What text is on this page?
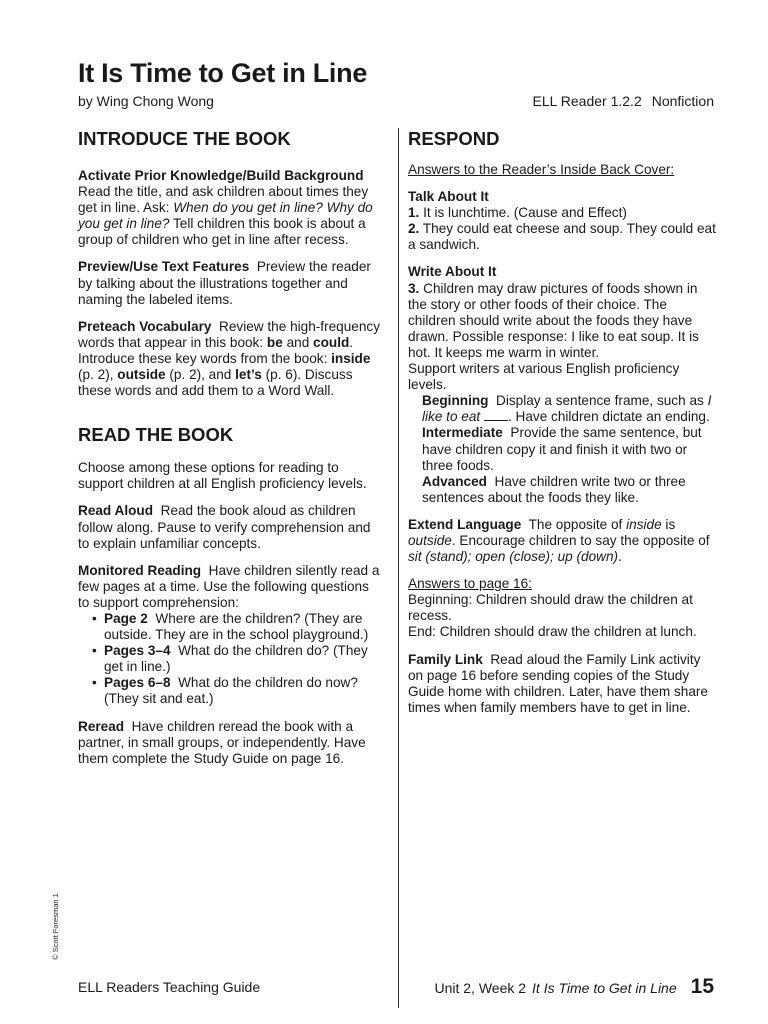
It Is Time to Get in Line
by Wing Chong Wong	ELL Reader 1.2.2 Nonfiction
INTRODUCE THE BOOK

Activate Prior Knowledge/Build Background  Read the title, and ask children about times they get in line. Ask: When do you get in line? Why do you get in line? Tell children this book is about a group of children who get in line after recess.

Preview/Use Text Features Preview the reader by talking about the illustrations together and naming the labeled items.

Preteach Vocabulary Review the high-frequency words that appear in this book: be and could. Introduce these key words from the book: inside (p. 2), outside (p. 2), and let’s (p. 6). Discuss these words and add them to a Word Wall.

READ THE BOOK

Choose among these options for reading to support children at all English proficiency levels.

Read Aloud Read the book aloud as children follow along. Pause to verify comprehension and to explain unfamiliar concepts.

Monitored Reading Have children silently read a few pages at a time. Use the following questions to support comprehension:

• Page 2 Where are the children? (They are outside. They are in the school playground.)
• Pages 3–4 What do the children do? (They get in line.)
• Pages 6–8 What do the children do now? (They sit and eat.)

Reread Have children reread the book with a partner, in small groups, or independently. Have them complete the Study Guide on page 16.

RESPOND

Answers to the Reader’s Inside Back Cover:

Talk About It

1. It is lunchtime. (Cause and Effect)

2. They could eat cheese and soup. They could eat a sandwich.

Write About It

3. Children may draw pictures of foods shown in the story or other foods of their choice. The children should write about the foods they have drawn. Possible response: I like to eat soup. It is hot. It keeps me warm in winter.

Support writers at various English proficiency levels.

Beginning Display a sentence frame, such as I like to eat . Have children dictate an ending.

Intermediate Provide the same sentence, but have children copy it and finish it with two or three foods.

Advanced Have children write two or three sentences about the foods they like.

Extend Language The opposite of inside is outside. Encourage children to say the opposite of sit (stand); open (close); up (down).

Answers to page 16:

Beginning: Children should draw the children at recess.

End: Children should draw the children at lunch.

Family Link Read aloud the Family Link activity on page 16 before sending copies of the Study Guide home with children. Later, have them share times when family members have to get in line.

© Scott Foresman 1
ELL Readers Teaching Guide	Unit 2, Week 2 It Is Time to Get in Line 15
